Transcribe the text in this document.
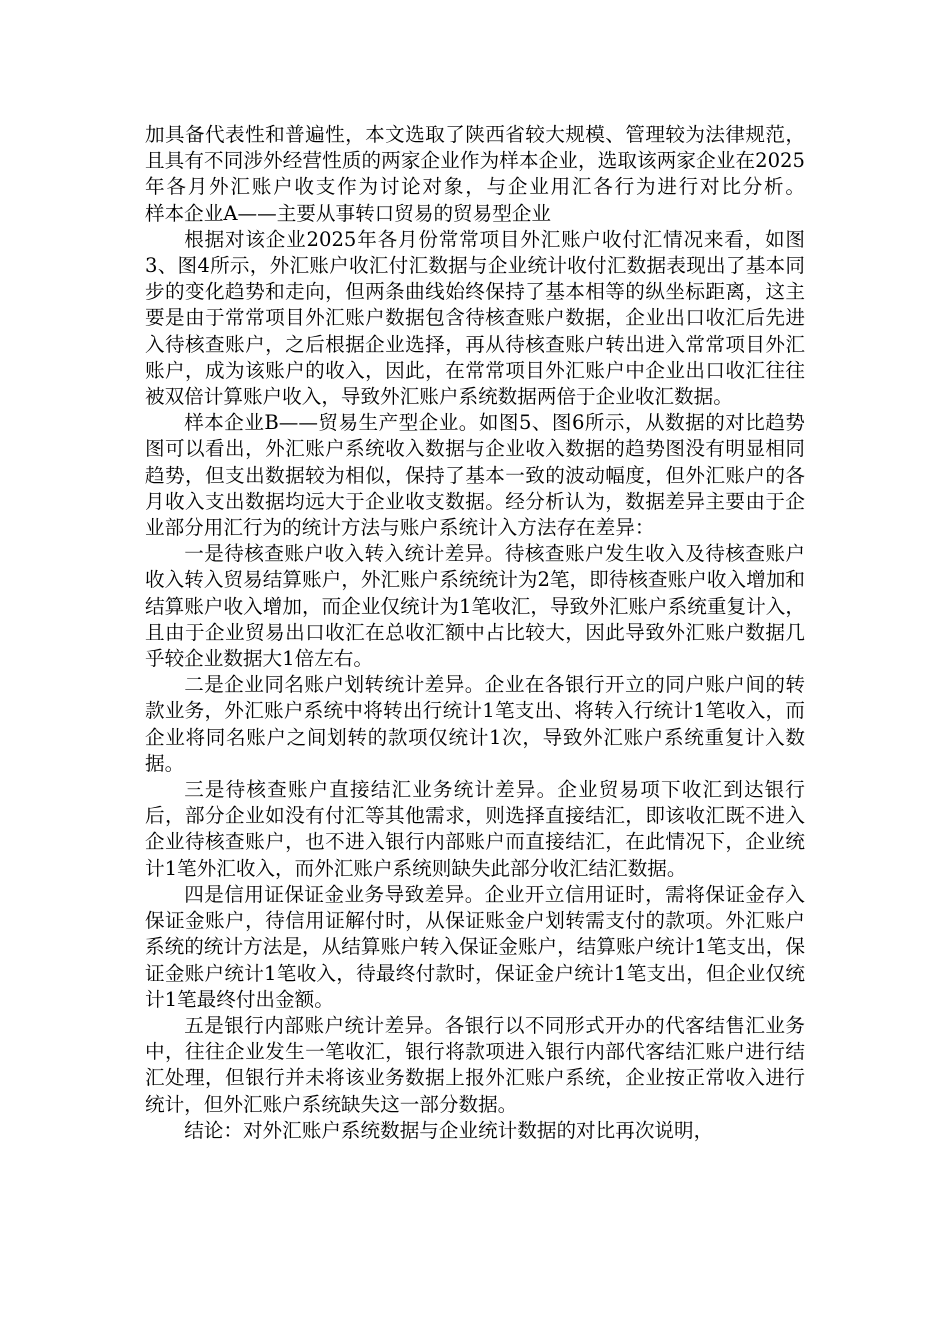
加具备代表性和普遍性，本文选取了陕西省较大规模、管理较为法律规范，且具有不同涉外经营性质的两家企业作为样本企业，选取该两家企业在2025年各月外汇账户收支作为讨论对象，与企业用汇各行为进行对比分析。          样本企业A——主要从事转口贸易的贸易型企业

根据对该企业2025年各月份常常项目外汇账户收付汇情况来看，如图3、图4所示，外汇账户收汇付汇数据与企业统计收付汇数据表现出了基本同步的变化趋势和走向，但两条曲线始终保持了基本相等的纵坐标距离，这主要是由于常常项目外汇账户数据包含待核查账户数据，企业出口收汇后先进入待核查账户，之后根据企业选择，再从待核查账户转出进入常常项目外汇账户，成为该账户的收入，因此，在常常项目外汇账户中企业出口收汇往往被双倍计算账户收入，导致外汇账户系统数据两倍于企业收汇数据。

样本企业B——贸易生产型企业。如图5、图6所示，从数据的对比趋势图可以看出，外汇账户系统收入数据与企业收入数据的趋势图没有明显相同趋势，但支出数据较为相似，保持了基本一致的波动幅度，但外汇账户的各月收入支出数据均远大于企业收支数据。经分析认为，数据差异主要由于企业部分用汇行为的统计方法与账户系统计入方法存在差异：

一是待核查账户收入转入统计差异。待核查账户发生收入及待核查账户收入转入贸易结算账户，外汇账户系统统计为2笔，即待核查账户收入增加和结算账户收入增加，而企业仅统计为1笔收汇，导致外汇账户系统重复计入，且由于企业贸易出口收汇在总收汇额中占比较大，因此导致外汇账户数据几乎较企业数据大1倍左右。

二是企业同名账户划转统计差异。企业在各银行开立的同户账户间的转款业务，外汇账户系统中将转出行统计1笔支出、将转入行统计1笔收入，而企业将同名账户之间划转的款项仅统计1次，导致外汇账户系统重复计入数据。

三是待核查账户直接结汇业务统计差异。企业贸易项下收汇到达银行后，部分企业如没有付汇等其他需求，则选择直接结汇，即该收汇既不进入企业待核查账户，也不进入银行内部账户而直接结汇，在此情况下，企业统计1笔外汇收入，而外汇账户系统则缺失此部分收汇结汇数据。

四是信用证保证金业务导致差异。企业开立信用证时，需将保证金存入保证金账户，待信用证解付时，从保证账金户划转需支付的款项。外汇账户系统的统计方法是，从结算账户转入保证金账户，结算账户统计1笔支出，保证金账户统计1笔收入，待最终付款时，保证金户统计1笔支出，但企业仅统计1笔最终付出金额。

五是银行内部账户统计差异。各银行以不同形式开办的代客结售汇业务中，往往企业发生一笔收汇，银行将款项进入银行内部代客结汇账户进行结汇处理，但银行并未将该业务数据上报外汇账户系统，企业按正常收入进行统计，但外汇账户系统缺失这一部分数据。

结论：对外汇账户系统数据与企业统计数据的对比再次说明，
